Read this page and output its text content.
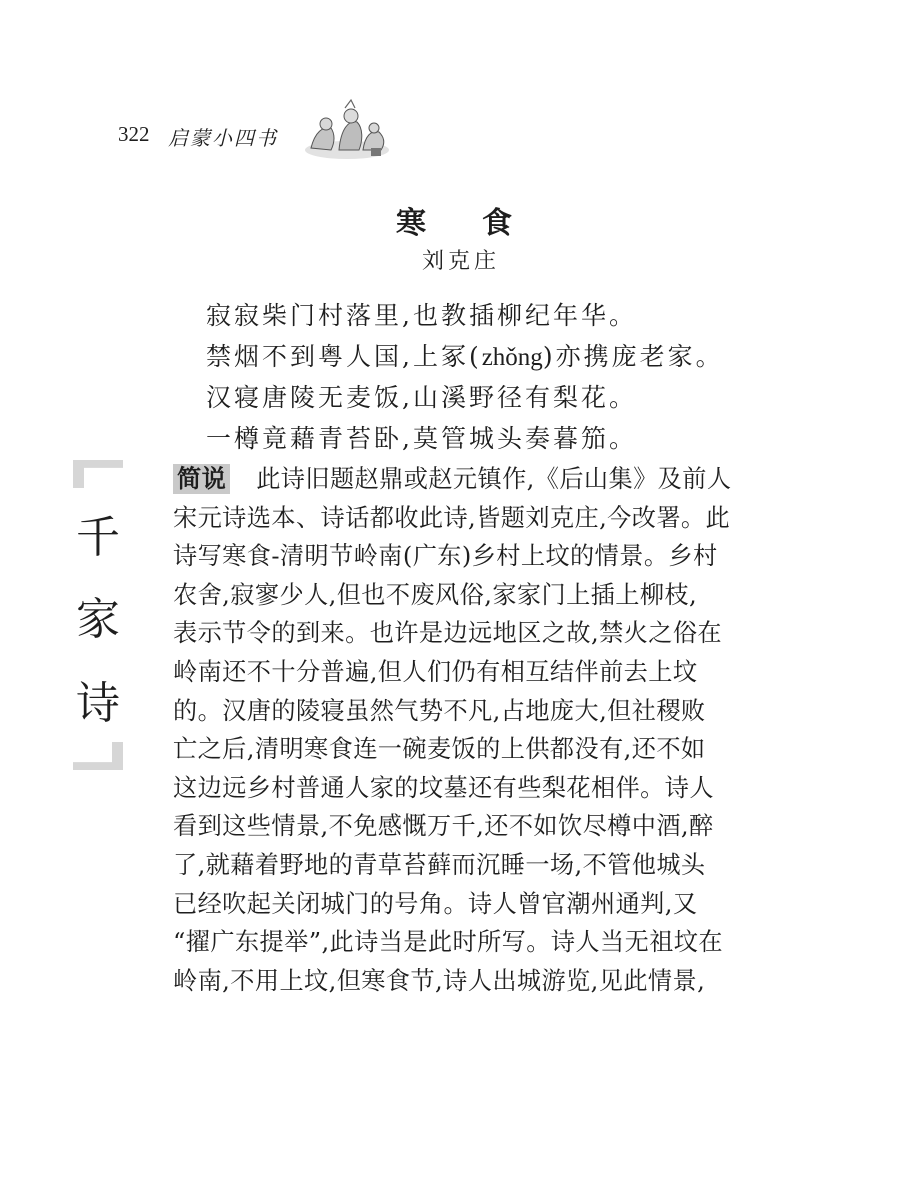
322 启蒙小四书
寒食
刘克庄
寂寂柴门村落里,也教插柳纪年华。
禁烟不到粤人国,上冢(zhǒng)亦携庞老家。
汉寝唐陵无麦饭,山溪野径有梨花。
一樽竟藉青苔卧,莫管城头奏暮笳。
千
家
诗
简说 此诗旧题赵鼎或赵元镇作,《后山集》及前人
宋元诗选本、诗话都收此诗,皆题刘克庄,今改署。此
诗写寒食-清明节岭南(广东)乡村上坟的情景。乡村
农舍,寂寥少人,但也不废风俗,家家门上插上柳枝,
表示节令的到来。也许是边远地区之故,禁火之俗在
岭南还不十分普遍,但人们仍有相互结伴前去上坟
的。汉唐的陵寝虽然气势不凡,占地庞大,但社稷败
亡之后,清明寒食连一碗麦饭的上供都没有,还不如
这边远乡村普通人家的坟墓还有些梨花相伴。诗人
看到这些情景,不免感慨万千,还不如饮尽樽中酒,醉
了,就藉着野地的青草苔藓而沉睡一场,不管他城头
已经吹起关闭城门的号角。诗人曾官潮州通判,又
“擢广东提举”,此诗当是此时所写。诗人当无祖坟在
岭南,不用上坟,但寒食节,诗人出城游览,见此情景,
